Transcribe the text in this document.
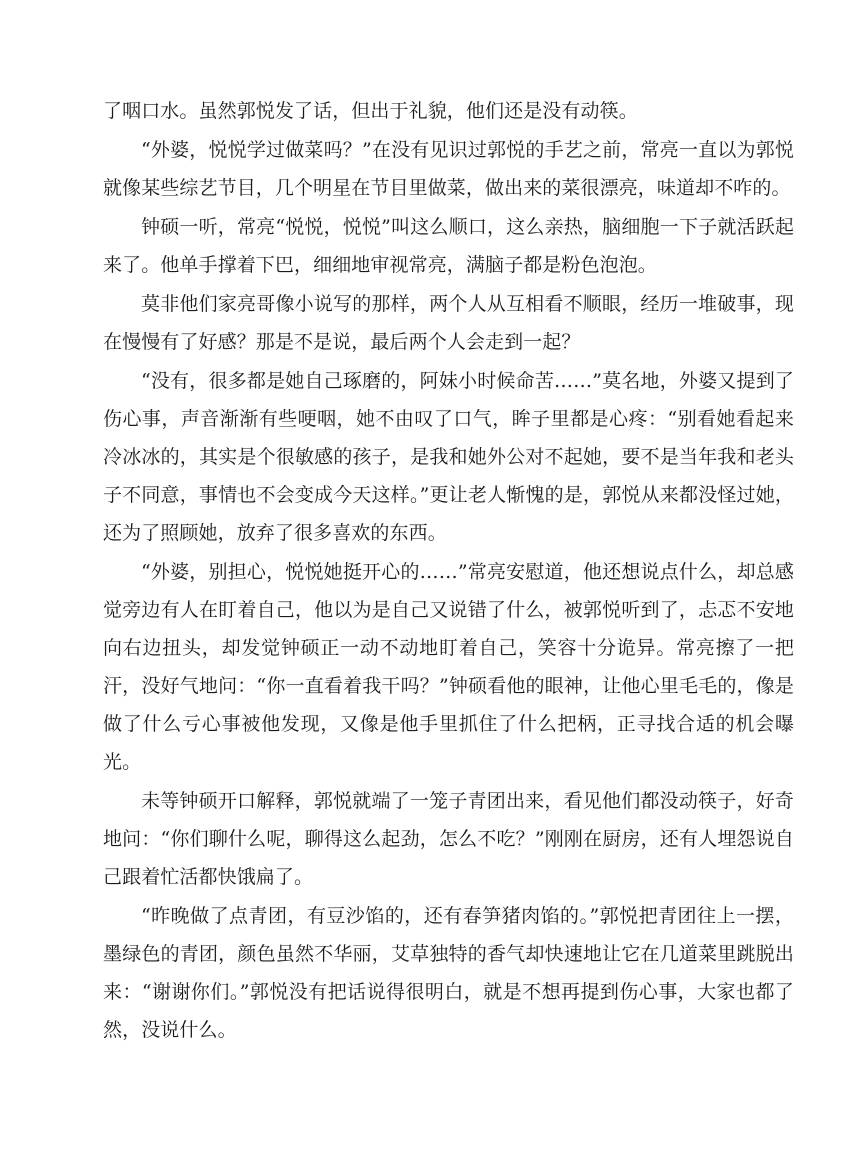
了咽口水。虽然郭悦发了话，但出于礼貌，他们还是没有动筷。

“外婆，悦悦学过做菜吗？”在没有见识过郭悦的手艺之前，常亮一直以为郭悦就像某些综艺节目，几个明星在节目里做菜，做出来的菜很漂亮，味道却不咋的。

钟硕一听，常亮“悦悦，悦悦”叫这么顺口，这么亲热，脑细胞一下子就活跃起来了。他单手撑着下巴，细细地审视常亮，满脑子都是粉色泡泡。

莫非他们家亮哥像小说写的那样，两个人从互相看不顺眼，经历一堆破事，现在慢慢有了好感？那是不是说，最后两个人会走到一起？

“没有，很多都是她自己琢磨的，阿妹小时候命苦……”莫名地，外婆又提到了伤心事，声音渐渐有些哽咽，她不由叹了口气，眸子里都是心疼：“别看她看起来冷冰冰的，其实是个很敏感的孩子，是我和她外公对不起她，要不是当年我和老头子不同意，事情也不会变成今天这样。”更让老人惭愧的是，郭悦从来都没怪过她，还为了照顾她，放弃了很多喜欢的东西。

“外婆，别担心，悦悦她挺开心的……”常亮安慰道，他还想说点什么，却总感觉旁边有人在盯着自己，他以为是自己又说错了什么，被郭悦听到了，忐忑不安地向右边扭头，却发觉钟硕正一动不动地盯着自己，笑容十分诡异。常亮擦了一把汗，没好气地问：“你一直看着我干吗？”钟硕看他的眼神，让他心里毛毛的，像是做了什么亏心事被他发现，又像是他手里抓住了什么把柄，正寻找合适的机会曝光。

未等钟硕开口解释，郭悦就端了一笼子青团出来，看见他们都没动筷子，好奇地问：“你们聊什么呢，聊得这么起劲，怎么不吃？”刚刚在厨房，还有人埋怨说自己跟着忙活都快饿扁了。

“昨晚做了点青团，有豆沙馅的，还有春笋猪肉馅的。”郭悦把青团往上一摆，墨绿色的青团，颜色虽然不华丽，艾草独特的香气却快速地让它在几道菜里跳脱出来：“谢谢你们。”郭悦没有把话说得很明白，就是不想再提到伤心事，大家也都了然，没说什么。
